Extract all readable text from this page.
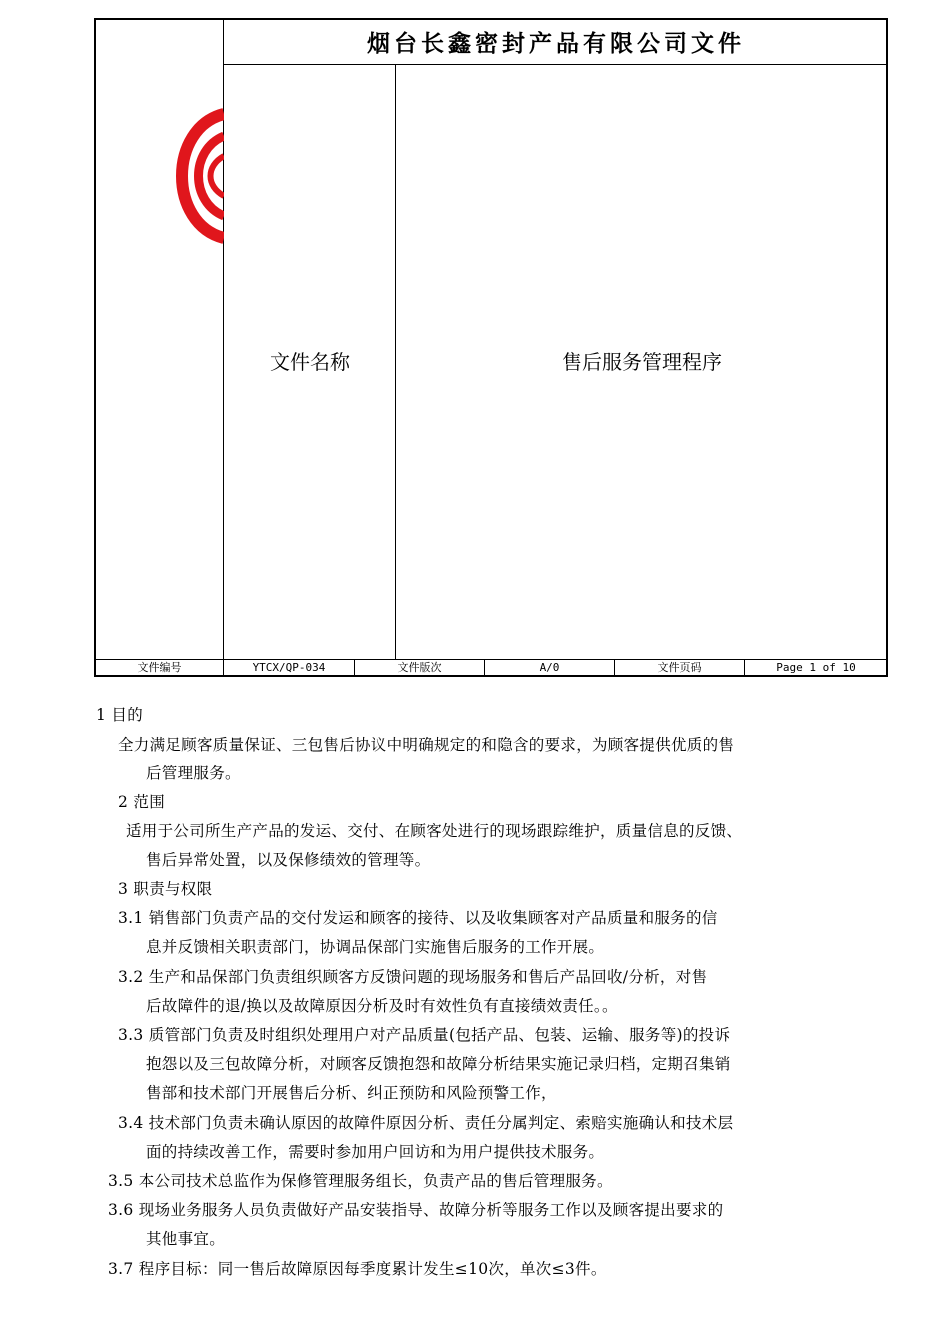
烟台长鑫密封产品有限公司文件
文件名称	售后服务管理程序
文件编号	YTCX/QP-034	文件版次	A/0	文件页码	Page 1 of 10
1 目的
全力满足顾客质量保证、三包售后协议中明确规定的和隐含的要求，为顾客提供优质的售
后管理服务。
2 范围
适用于公司所生产产品的发运、交付、在顾客处进行的现场跟踪维护，质量信息的反馈、
售后异常处置，以及保修绩效的管理等。
3 职责与权限
3.1 销售部门负责产品的交付发运和顾客的接待、以及收集顾客对产品质量和服务的信
息并反馈相关职责部门，协调品保部门实施售后服务的工作开展。
3.2 生产和品保部门负责组织顾客方反馈问题的现场服务和售后产品回收/分析，对售
后故障件的退/换以及故障原因分析及时有效性负有直接绩效责任。。
3.3 质管部门负责及时组织处理用户对产品质量(包括产品、包装、运输、服务等)的投诉
抱怨以及三包故障分析，对顾客反馈抱怨和故障分析结果实施记录归档，定期召集销
售部和技术部门开展售后分析、纠正预防和风险预警工作，
3.4 技术部门负责未确认原因的故障件原因分析、责任分属判定、索赔实施确认和技术层
面的持续改善工作，需要时参加用户回访和为用户提供技术服务。
3.5 本公司技术总监作为保修管理服务组长，负责产品的售后管理服务。
3.6 现场业务服务人员负责做好产品安装指导、故障分析等服务工作以及顾客提出要求的
其他事宜。
3.7 程序目标：同一售后故障原因每季度累计发生≤10次，单次≤3件。
